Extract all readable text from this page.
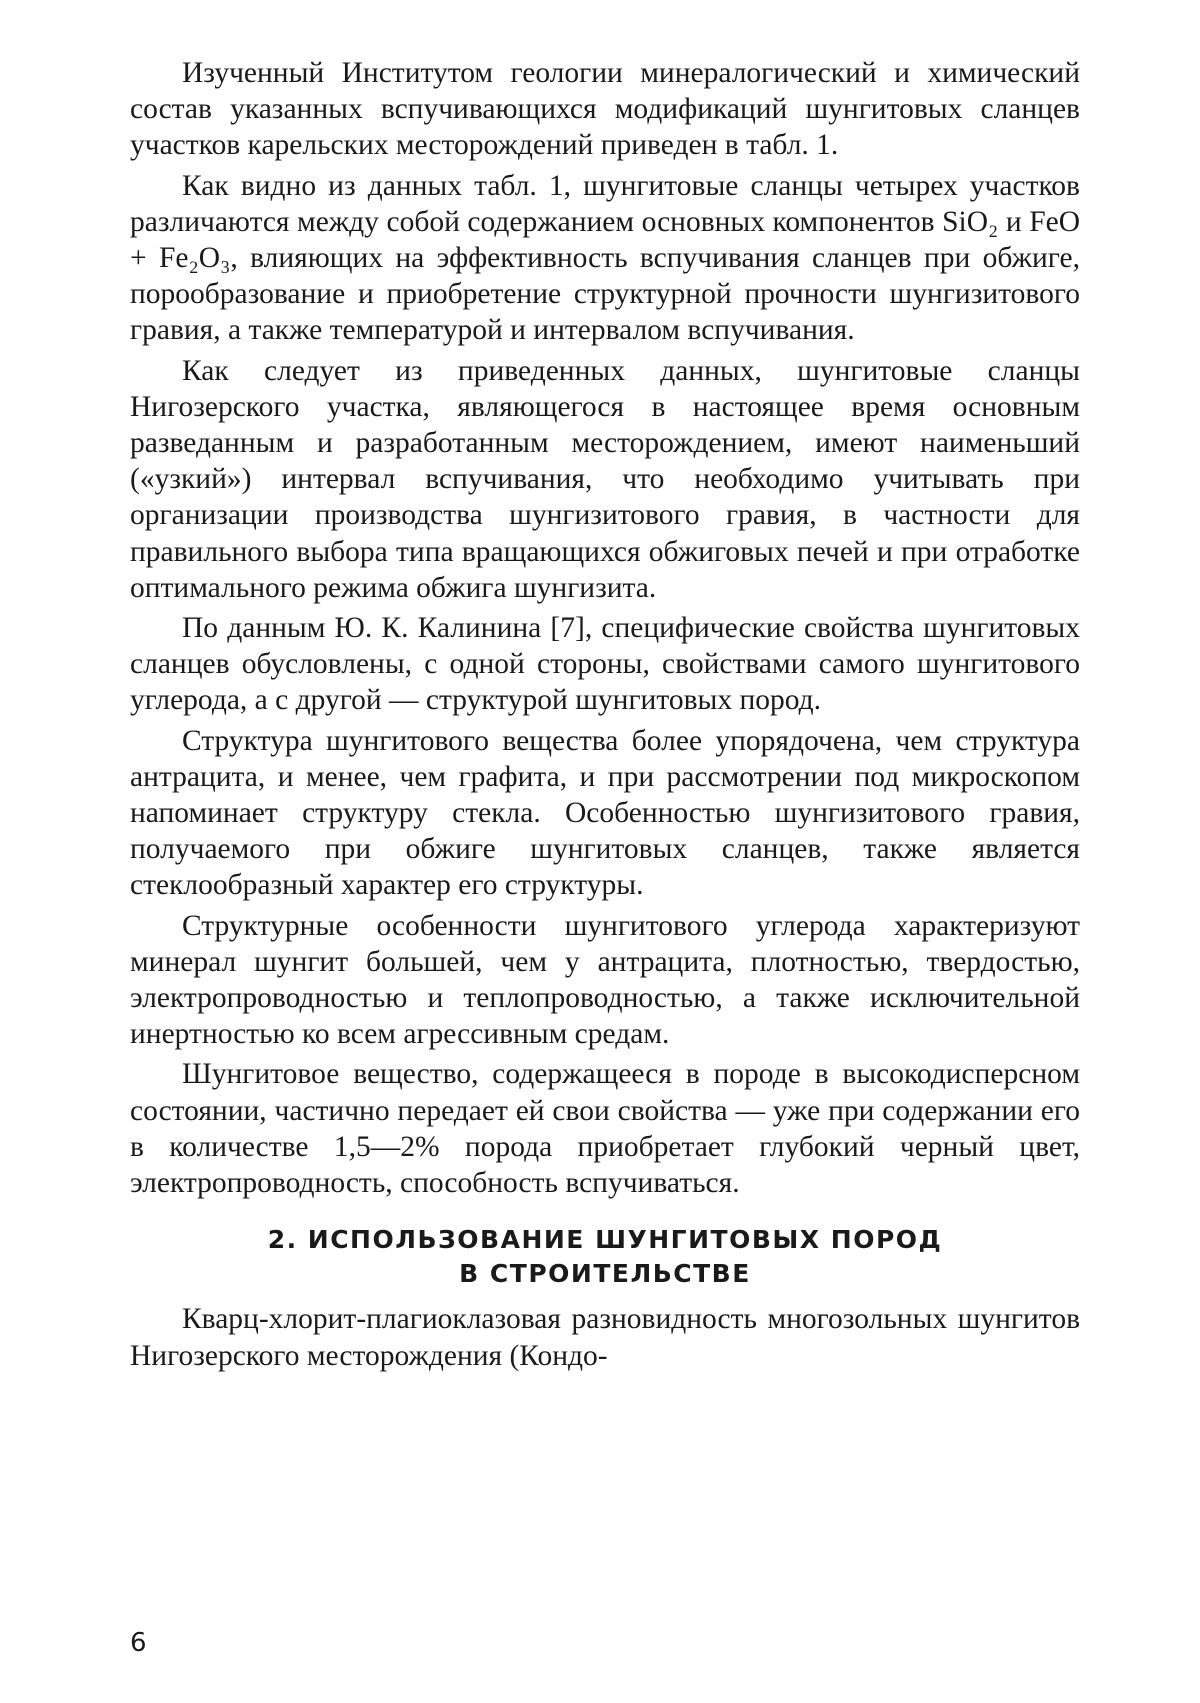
Изученный Институтом геологии минералогический и химический состав указанных вспучивающихся модификаций шунгитовых сланцев участков карельских месторождений приведен в табл. 1.

Как видно из данных табл. 1, шунгитовые сланцы четырех участков различаются между собой содержанием основных компонентов SiO₂ и FeO + Fe₂O₃, влияющих на эффективность вспучивания сланцев при обжиге, порообразование и приобретение структурной прочности шунгизитового гравия, а также температурой и интервалом вспучивания.

Как следует из приведенных данных, шунгитовые сланцы Нигозерского участка, являющегося в настоящее время основным разведанным и разработанным месторождением, имеют наименьший («узкий») интервал вспучивания, что необходимо учитывать при организации производства шунгизитового гравия, в частности для правильного выбора типа вращающихся обжиговых печей и при отработке оптимального режима обжига шунгизита.

По данным Ю. К. Калинина [7], специфические свойства шунгитовых сланцев обусловлены, с одной стороны, свойствами самого шунгитового углерода, а с другой — структурой шунгитовых пород.

Структура шунгитового вещества более упорядочена, чем структура антрацита, и менее, чем графита, и при рассмотрении под микроскопом напоминает структуру стекла. Особенностью шунгизитового гравия, получаемого при обжиге шунгитовых сланцев, также является стеклообразный характер его структуры.

Структурные особенности шунгитового углерода характеризуют минерал шунгит большей, чем у антрацита, плотностью, твердостью, электропроводностью и теплопроводностью, а также исключительной инертностью ко всем агрессивным средам.

Шунгитовое вещество, содержащееся в породе в высокодисперсном состоянии, частично передает ей свои свойства — уже при содержании его в количестве 1,5—2% порода приобретает глубокий черный цвет, электропроводность, способность вспучиваться.

2. ИСПОЛЬЗОВАНИЕ ШУНГИТОВЫХ ПОРОД
В СТРОИТЕЛЬСТВЕ

Кварц-хлорит-плагиоклазовая разновидность многозольных шунгитов Нигозерского месторождения (Кондо-

6
